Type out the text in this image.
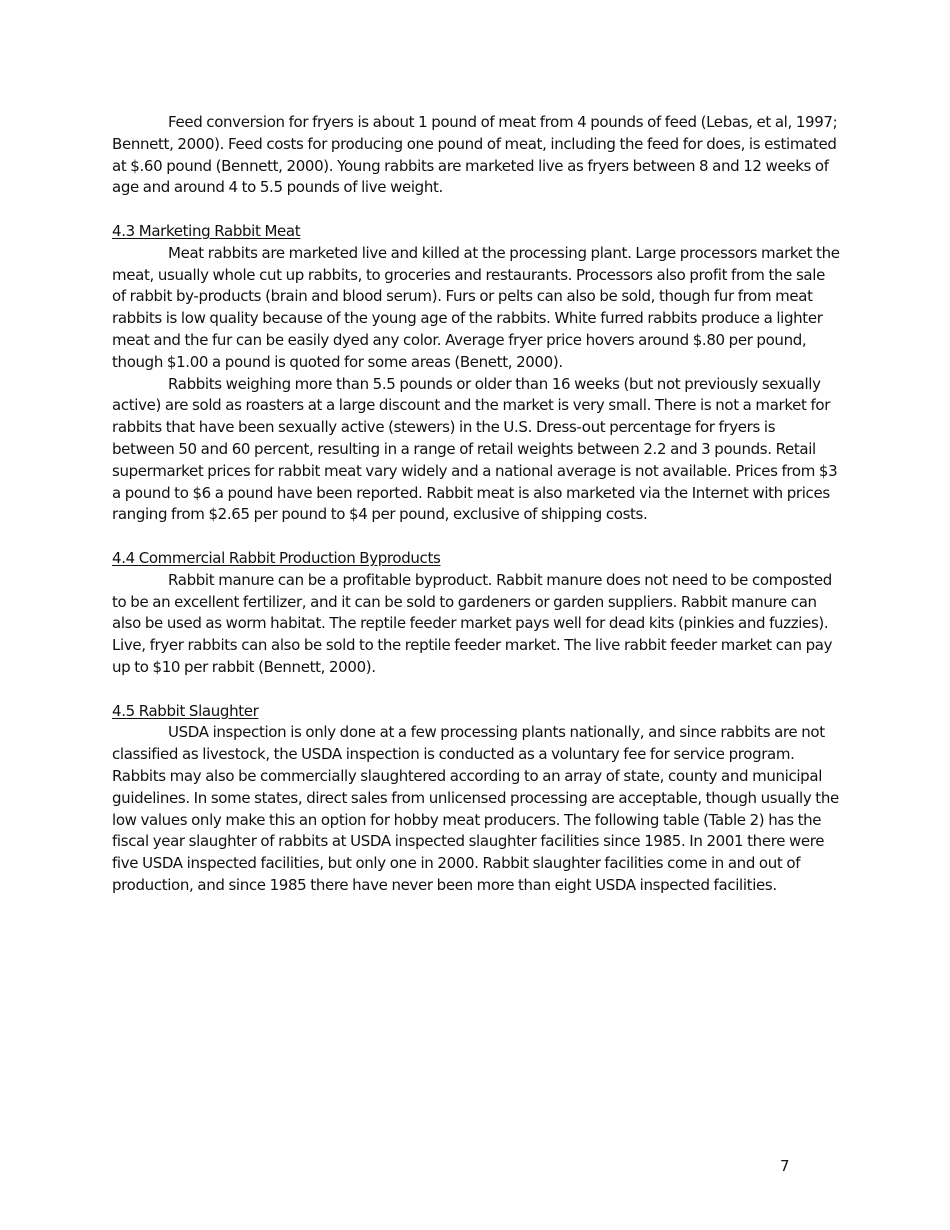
Feed conversion for fryers is about 1 pound of meat from 4 pounds of feed (Lebas, et al, 1997; Bennett, 2000). Feed costs for producing one pound of meat, including the feed for does, is estimated at $.60 pound (Bennett, 2000). Young rabbits are marketed live as fryers between 8 and 12 weeks of age and around 4 to 5.5 pounds of live weight.

4.3 Marketing Rabbit Meat

Meat rabbits are marketed live and killed at the processing plant. Large processors market the meat, usually whole cut up rabbits, to groceries and restaurants. Processors also profit from the sale of rabbit by-products (brain and blood serum). Furs or pelts can also be sold, though fur from meat rabbits is low quality because of the young age of the rabbits. White furred rabbits produce a lighter meat and the fur can be easily dyed any color. Average fryer price hovers around $.80 per pound, though $1.00 a pound is quoted for some areas (Benett, 2000).

Rabbits weighing more than 5.5 pounds or older than 16 weeks (but not previously sexually active) are sold as roasters at a large discount and the market is very small. There is not a market for rabbits that have been sexually active (stewers) in the U.S. Dress-out percentage for fryers is between 50 and 60 percent, resulting in a range of retail weights between 2.2 and 3 pounds. Retail supermarket prices for rabbit meat vary widely and a national average is not available. Prices from $3 a pound to $6 a pound have been reported. Rabbit meat is also marketed via the Internet with prices ranging from $2.65 per pound to $4 per pound, exclusive of shipping costs.

4.4 Commercial Rabbit Production Byproducts

Rabbit manure can be a profitable byproduct. Rabbit manure does not need to be composted to be an excellent fertilizer, and it can be sold to gardeners or garden suppliers. Rabbit manure can also be used as worm habitat. The reptile feeder market pays well for dead kits (pinkies and fuzzies). Live, fryer rabbits can also be sold to the reptile feeder market. The live rabbit feeder market can pay up to $10 per rabbit (Bennett, 2000).

4.5 Rabbit Slaughter

USDA inspection is only done at a few processing plants nationally, and since rabbits are not classified as livestock, the USDA inspection is conducted as a voluntary fee for service program. Rabbits may also be commercially slaughtered according to an array of state, county and municipal guidelines. In some states, direct sales from unlicensed processing are acceptable, though usually the low values only make this an option for hobby meat producers. The following table (Table 2) has the fiscal year slaughter of rabbits at USDA inspected slaughter facilities since 1985. In 2001 there were five USDA inspected facilities, but only one in 2000. Rabbit slaughter facilities come in and out of production, and since 1985 there have never been more than eight USDA inspected facilities.

7
